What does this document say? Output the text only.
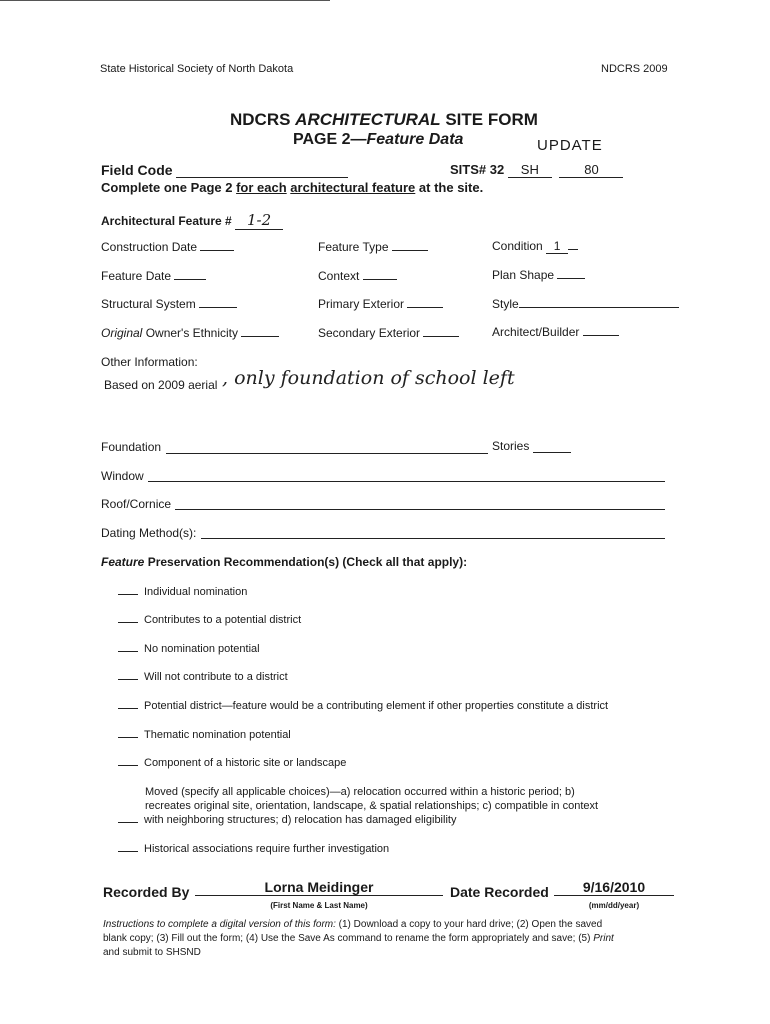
State Historical Society of North Dakota	NDCRS 2009
NDCRS ARCHITECTURAL SITE FORM
PAGE 2—Feature Data	UPDATE
Field Code	SITS# 32 SH	80
Complete one Page 2 for each architectural feature at the site.
Architectural Feature # 1-2
Construction Date	Feature Type	Condition 1
Feature Date	Context	Plan Shape
Structural System	Primary Exterior	Style
Original Owner's Ethnicity	Secondary Exterior	Architect/Builder
Other Information:
Based on 2009 aerial , only foundation of school left
Foundation	Stories
Window
Roof/Cornice
Dating Method(s):
Feature Preservation Recommendation(s) (Check all that apply):
Individual nomination
Contributes to a potential district
No nomination potential
Will not contribute to a district
Potential district—feature would be a contributing element if other properties constitute a district
Thematic nomination potential
Component of a historic site or landscape
Moved (specify all applicable choices)—a) relocation occurred within a historic period; b)
recreates original site, orientation, landscape, & spatial relationships; c) compatible in context
with neighboring structures; d) relocation has damaged eligibility
Historical associations require further investigation
Recorded By	Lorna Meidinger
(First Name & Last Name)
Date Recorded	9/16/2010
(mm/dd/year)
Instructions to complete a digital version of this form: (1) Download a copy to your hard drive; (2) Open the saved
blank copy; (3) Fill out the form; (4) Use the Save As command to rename the form appropriately and save; (5) Print
and submit to SHSND
